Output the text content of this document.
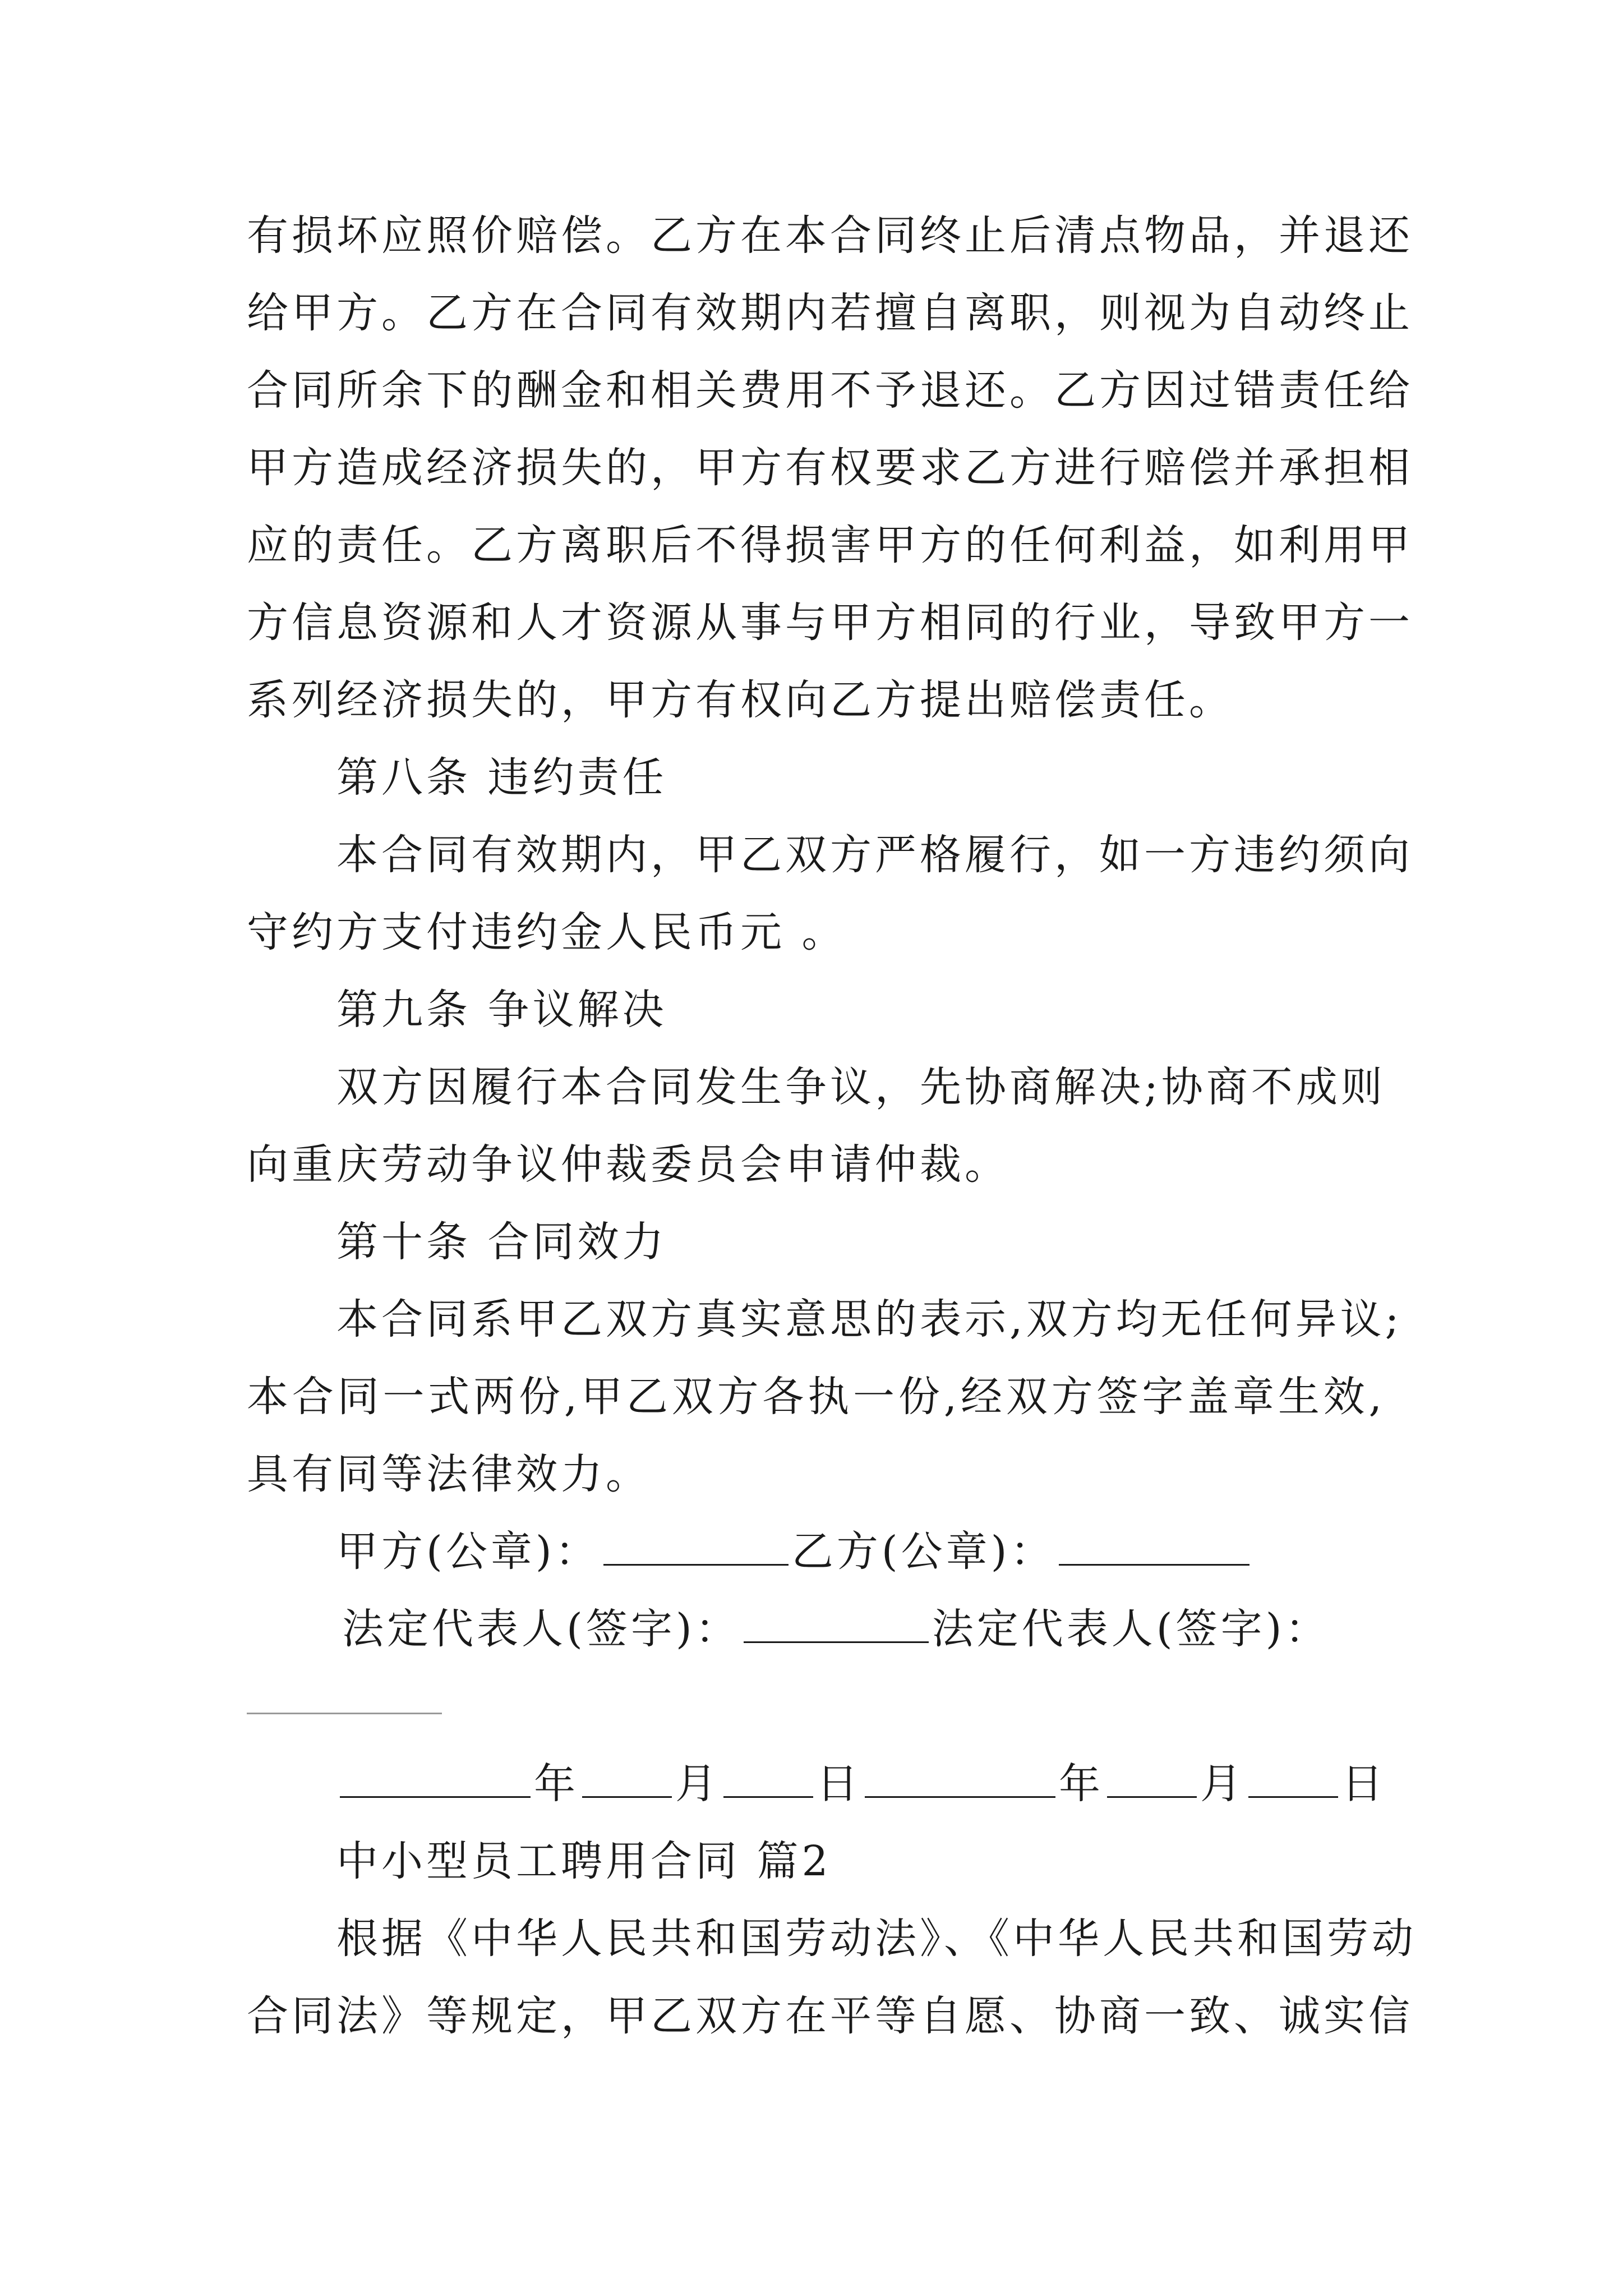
有损坏应照价赔偿。乙方在本合同终止后清点物品，并退还
给甲方。乙方在合同有效期内若擅自离职，则视为自动终止
合同所余下的酬金和相关费用不予退还。乙方因过错责任给
甲方造成经济损失的，甲方有权要求乙方进行赔偿并承担相
应的责任。乙方离职后不得损害甲方的任何利益，如利用甲
方信息资源和人才资源从事与甲方相同的行业，导致甲方一
系列经济损失的，甲方有权向乙方提出赔偿责任。
第八条 违约责任
本合同有效期内，甲乙双方严格履行，如一方违约须向
守约方支付违约金人民币元 。
第九条 争议解决
双方因履行本合同发生争议，先协商解决;协商不成则
向重庆劳动争议仲裁委员会申请仲裁。
第十条 合同效力
本合同系甲乙双方真实意思的表示,双方均无任何异议;
本合同一式两份,甲乙双方各执一份,经双方签字盖章生效,
具有同等法律效力。
甲方(公章)：	乙方(公章)：
法定代表人(签字)：	法定代表人(签字)：
年 月 日	年 月 日
中小型员工聘用合同 篇2
根据《中华人民共和国劳动法》、《中华人民共和国劳动
合同法》等规定，甲乙双方在平等自愿、协商一致、诚实信
